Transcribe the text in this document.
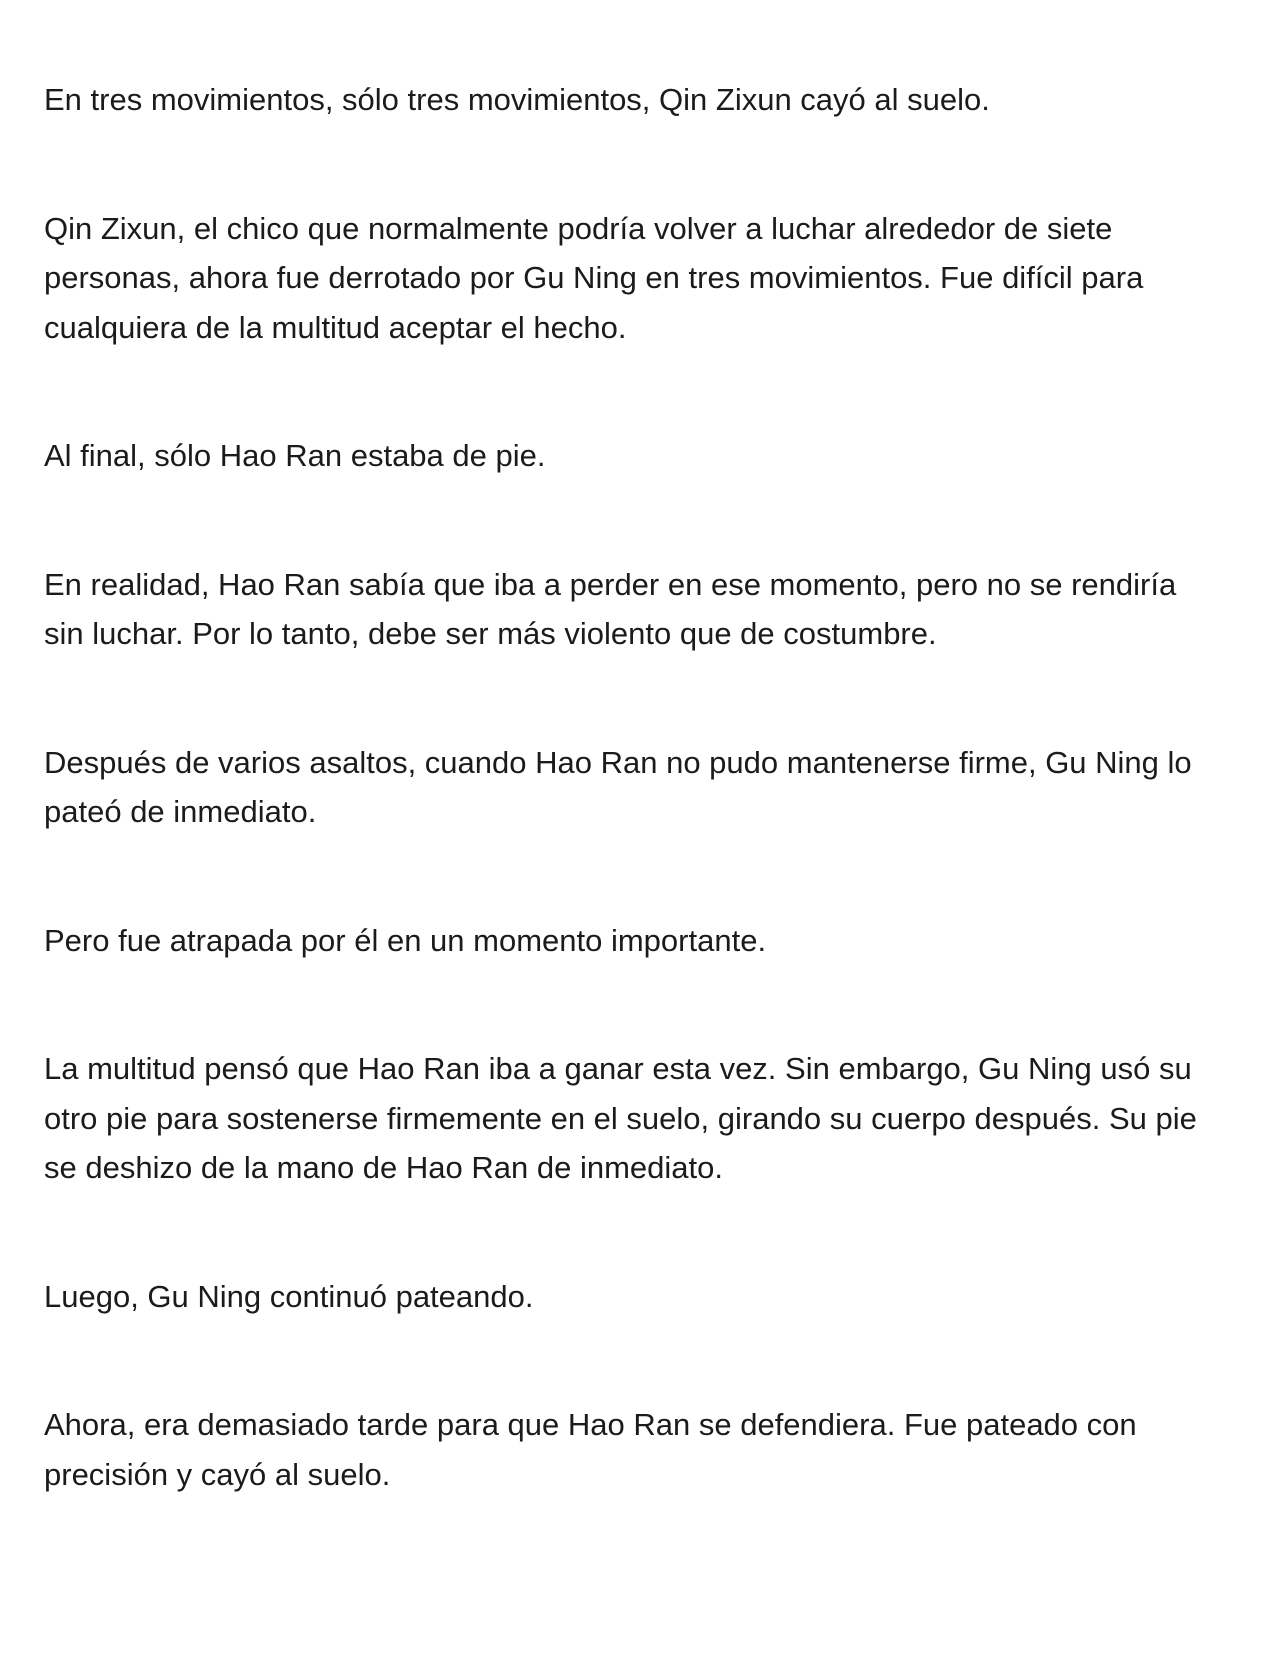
En tres movimientos, sólo tres movimientos, Qin Zixun cayó al suelo.

Qin Zixun, el chico que normalmente podría volver a luchar alrededor de siete personas, ahora fue derrotado por Gu Ning en tres movimientos. Fue difícil para cualquiera de la multitud aceptar el hecho.

Al final, sólo Hao Ran estaba de pie.

En realidad, Hao Ran sabía que iba a perder en ese momento, pero no se rendiría sin luchar. Por lo tanto, debe ser más violento que de costumbre.

Después de varios asaltos, cuando Hao Ran no pudo mantenerse firme, Gu Ning lo pateó de inmediato.

Pero fue atrapada por él en un momento importante.

La multitud pensó que Hao Ran iba a ganar esta vez. Sin embargo, Gu Ning usó su otro pie para sostenerse firmemente en el suelo, girando su cuerpo después. Su pie se deshizo de la mano de Hao Ran de inmediato.

Luego, Gu Ning continuó pateando.

Ahora, era demasiado tarde para que Hao Ran se defendiera. Fue pateado con precisión y cayó al suelo.
